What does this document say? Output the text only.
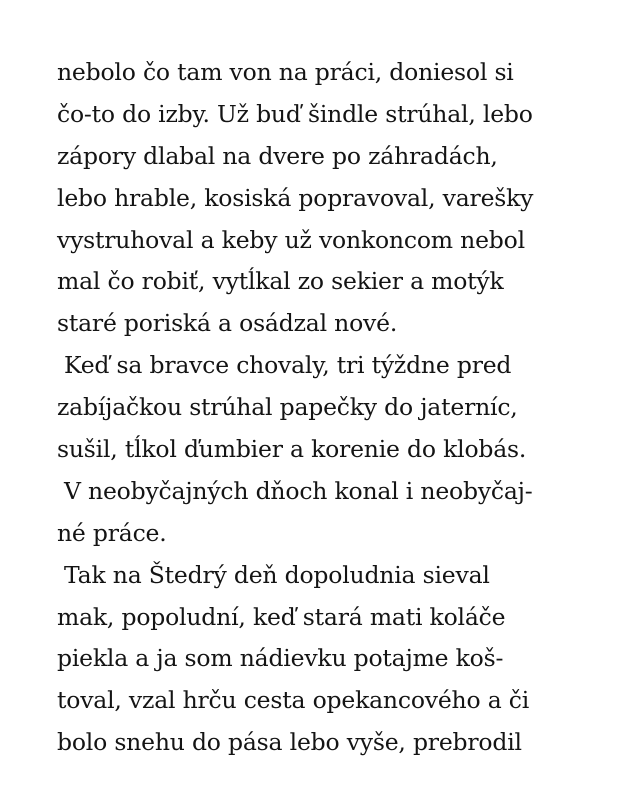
nebolo čo tam von na práci, doniesol si
čo-to do izby. Už buď šindle strúhal, lebo
zápory dlabal na dvere po záhradách,
lebo hrable, kosiská popravoval, varešky
vystruhoval a keby už vonkoncom nebol
mal čo robiť, vytĺkal zo sekier a motýk
staré poriská a osádzal nové.
Keď sa bravce chovaly, tri týždne pred
zabíjačkou strúhal papečky do jaterníc,
sušil, tĺkol ďumbier a korenie do klobás.
V neobyčajných dňoch konal i neobyčaj-
né práce.
Tak na Štedrý deň dopoludnia sieval
mak, popoludní, keď stará mati koláče
piekla a ja som nádievku potajme koš-
toval, vzal hrču cesta opekancového a či
bolo snehu do pása lebo vyše, prebrodil
